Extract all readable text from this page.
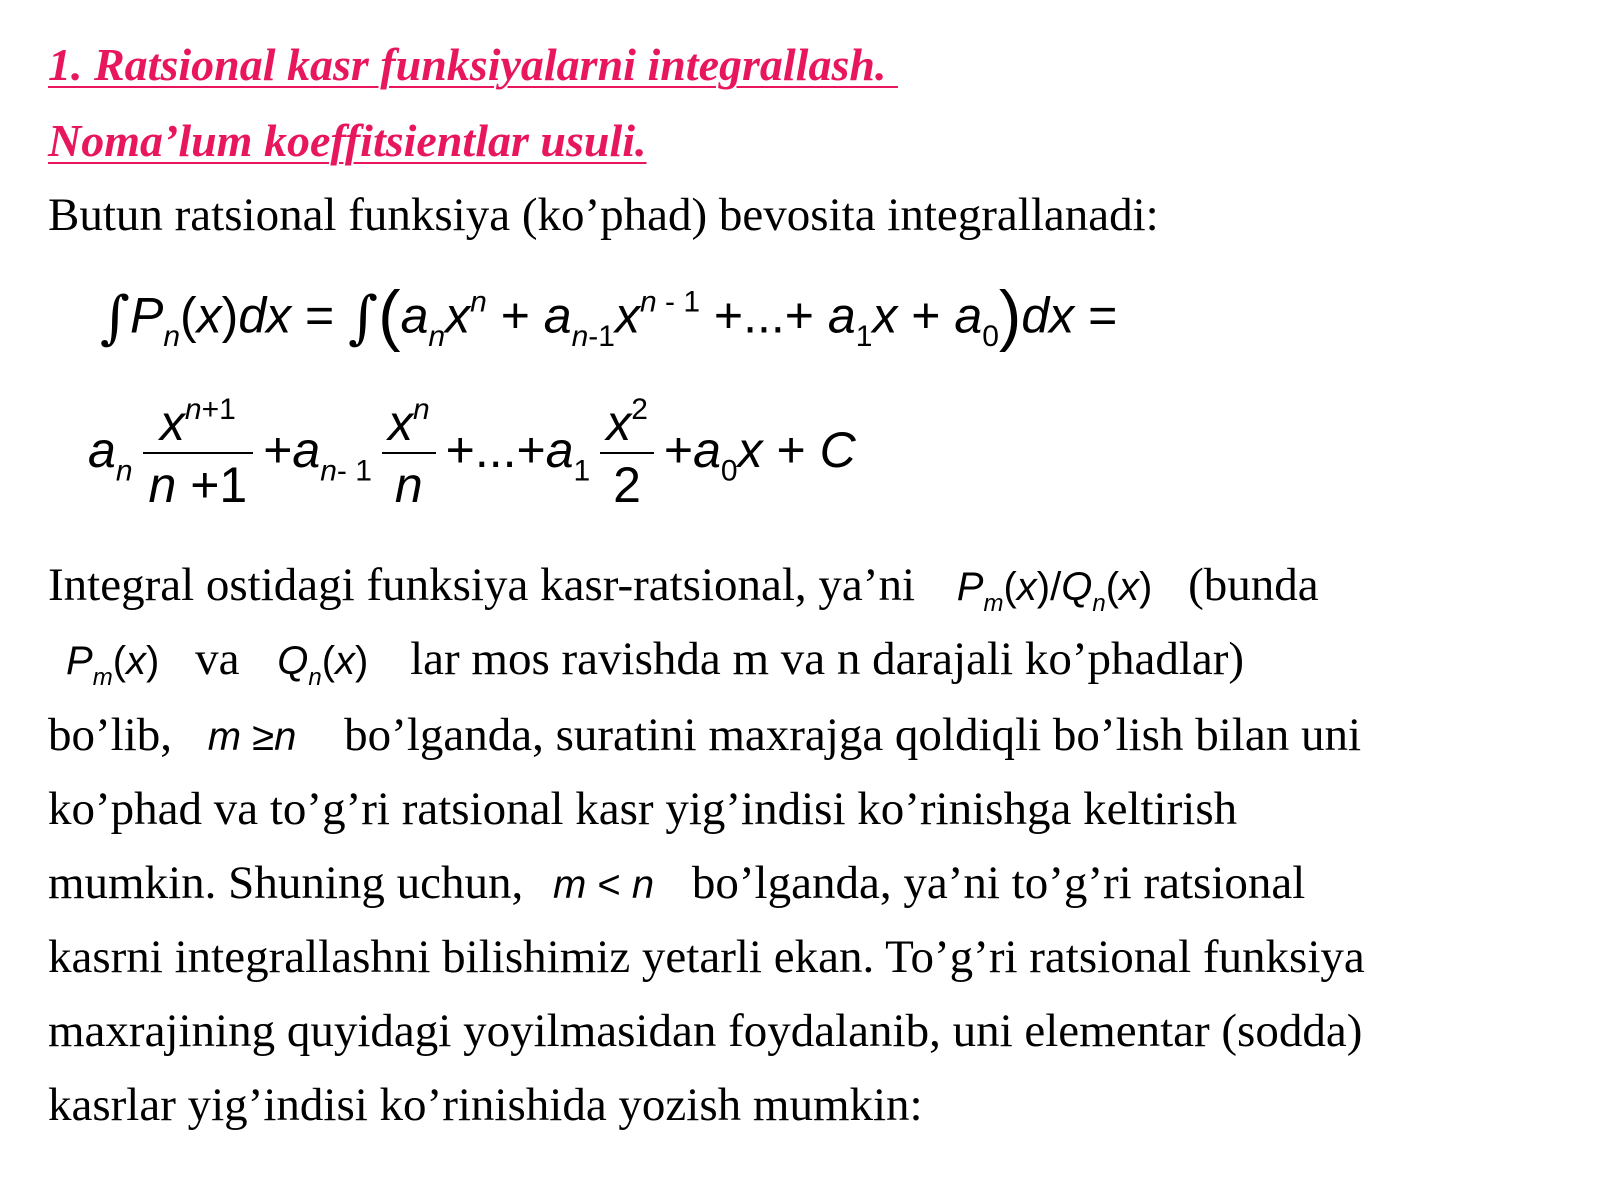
1. Ratsional kasr funksiyalarni integrallash.

Noma’lum koeffitsientlar usuli.

Butun ratsional funksiya (ko’phad) bevosita integrallanadi:
$\int P_n(x)dx = \int(a_nx^n + a_{n-1}x^{n - 1}$ +...+ $a_1x + a_0)dx$ =
$a_n \frac{x^{n+1}}{n +1} +a_{n- 1} \frac{x^n}{n} +...+a_1 \frac{x^2}{2} +a_0x + C$
Integral ostidagi funksiya kasr-ratsional, ya’ni $P_m(x)/Q_n(x)$ (bunda
$P_m(x)$ va $Q_n(x)$ lar mos ravishda m va n darajali ko’phadlar)
bo’lib, m ≥n bo’lganda, suratini maxrajga qoldiqli bo’lish bilan uni
ko’phad va to’g’ri ratsional kasr yig’indisi ko’rinishga keltirish
mumkin. Shuning uchun, m < n bo’lganda, ya’ni to’g’ri ratsional
kasrni integrallashni bilishimiz yetarli ekan. To’g’ri ratsional funksiya
maxrajining quyidagi yoyilmasidan foydalanib, uni elementar (sodda)
kasrlar yig’indisi ko’rinishida yozish mumkin:
